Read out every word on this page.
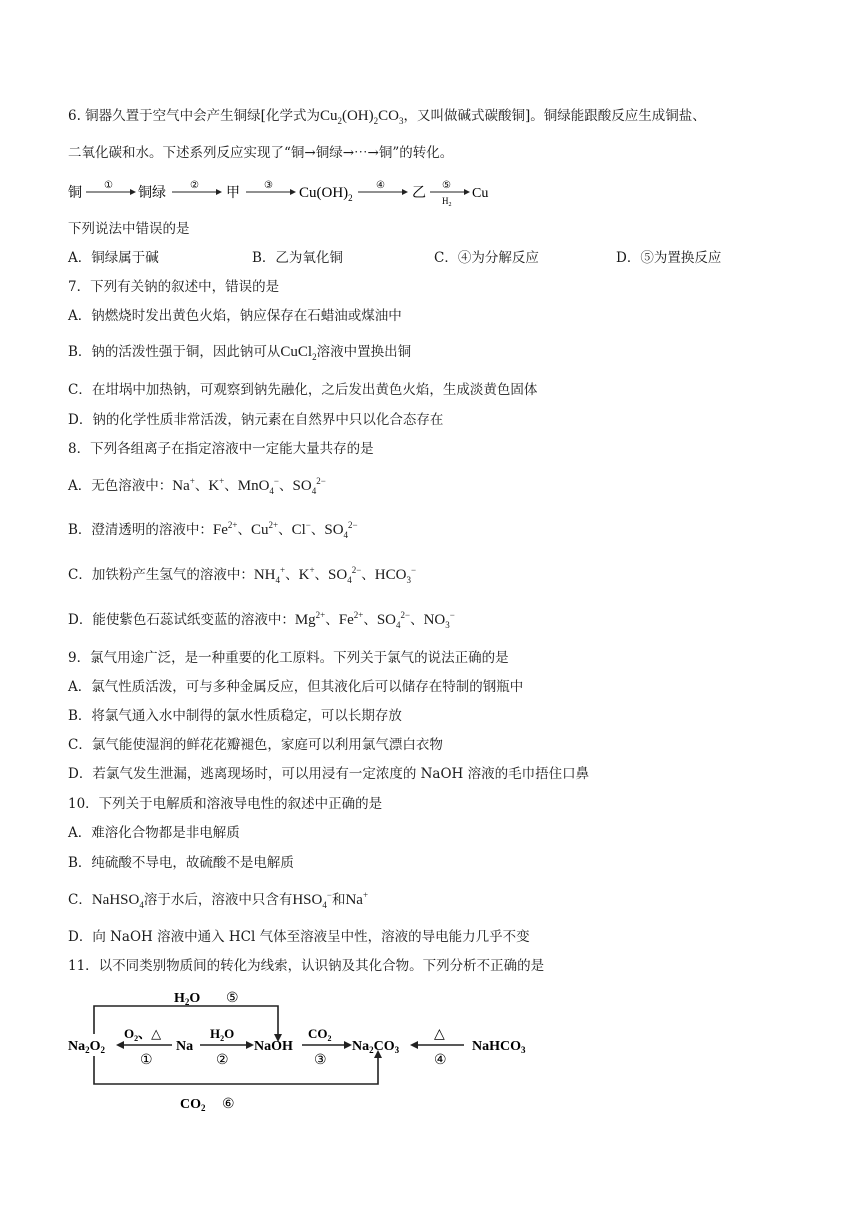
6. 铜器久置于空气中会产生铜绿[化学式为$Cu_2(OH)_2CO_3$，又叫做碱式碳酸铜]。铜绿能跟酸反应生成铜盐、
二氧化碳和水。下述系列反应实现了“铜→铜绿→⋯→铜”的转化。
铜
①
铜绿
②
甲
③ $Cu(OH)_2$
④
乙
⑤
$H_2$
Cu
下列说法中错误的是
A．铜绿属于碱	B．乙为氧化铜	C．④为分解反应	D．⑤为置换反应
7．下列有关钠的叙述中，错误的是
A．钠燃烧时发出黄色火焰，钠应保存在石蜡油或煤油中
B．钠的活泼性强于铜，因此钠可从CuCl$_2$溶液中置换出铜
C．在坩埚中加热钠，可观察到钠先融化，之后发出黄色火焰，生成淡黄色固体
D．钠的化学性质非常活泼，钠元素在自然界中只以化合态存在
8．下列各组离子在指定溶液中一定能大量共存的是
A．无色溶液中：Na+、K+、MnO$_4$−、$SO_4^{2-}$
B．澄清透明的溶液中：$Fe^{2+}$、$Cu^{2+}$、Cl−、$SO_4^{2-}$
C．加铁粉产生氢气的溶液中：$NH_4^+$、K+、$SO_4^{2-}$、$HCO_3^-$
D．能使紫色石蕊试纸变蓝的溶液中：$Mg^{2+}$、$Fe^{2+}$、$SO_4^{2-}$、$NO_3^-$
9．氯气用途广泛，是一种重要的化工原料。下列关于氯气的说法正确的是
A．氯气性质活泼，可与多种金属反应，但其液化后可以储存在特制的钢瓶中
B．将氯气通入水中制得的氯水性质稳定，可以长期存放
C．氯气能使湿润的鲜花花瓣褪色，家庭可以利用氯气漂白衣物
D．若氯气发生泄漏，逃离现场时，可以用浸有一定浓度的 NaOH 溶液的毛巾捂住口鼻
10．下列关于电解质和溶液导电性的叙述中正确的是
A．难溶化合物都是非电解质
B．纯硫酸不导电，故硫酸不是电解质
C．NaHSO$_4$溶于水后，溶液中只含有$HSO_4^-$和Na+
D．向 NaOH 溶液中通入 HCl 气体至溶液呈中性，溶液的导电能力几乎不变
11．以不同类别物质间的转化为线索，认识钠及其化合物。下列分析不正确的是
$H_2O$ ⑤
$CO_2$ ⑥
$Na_2O_2$	Na	NaOH	$Na_2CO_3$	NaHCO$_3$
$O_2$、△
①
$H_2O$
②
$CO_2$
③
△
④
